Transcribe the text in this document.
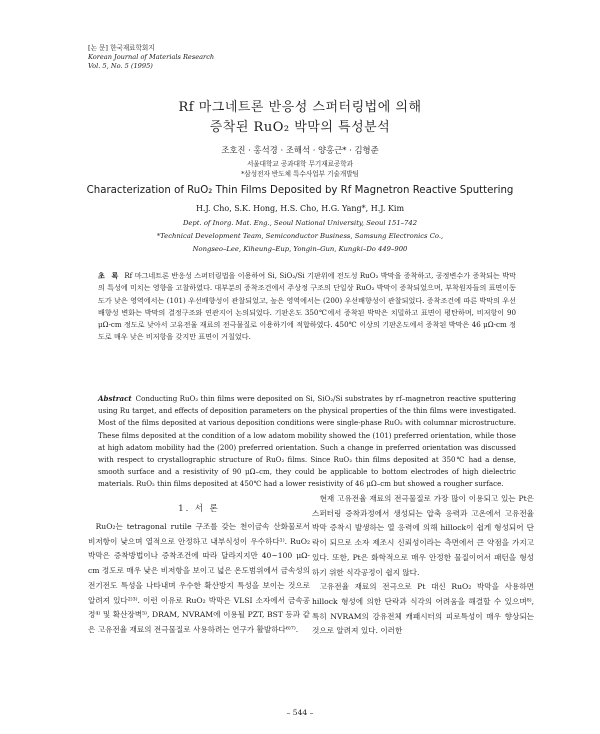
[논 문] 한국재료학회지
Korean Journal of Materials Research
Vol. 5, No. 5 (1995)
Rf 마그네트론 반응성 스퍼터링법에 의해
증착된 RuO₂ 박막의 특성분석
조호진 · 홍석경 · 조해석 · 양홍근* · 김형준
서울대학교 공과대학 무기재료공학과
*삼성전자 반도체 특수사업부 기술개발팀
Characterization of RuO₂ Thin Films Deposited by Rf Magnetron Reactive Sputtering
H.J. Cho, S.K. Hong, H.S. Cho, H.G. Yang*, H.J. Kim
Dept. of Inorg. Mat. Eng., Seoul National University, Seoul 151–742
*Technical Development Team, Semiconductor Business, Samsung Electronics Co.,
Nongseo–Lee, Kiheung–Eup, Yongin–Gun, Kungki–Do 449–900
초 록 Rf 마그네트론 반응성 스퍼터링법을 이용하여 Si, SiO₂/Si 기판위에 전도성 RuO₂ 박막을 증착하고, 공정변수가 증착되는 박막의 특성에 미치는 영향을 고찰하였다. 대부분의 증착조건에서 주상정 구조의 단일상 RuO₂ 박막이 증착되었으며, 부착원자들의 표면이동도가 낮은 영역에서는 (101) 우선배향성이 관찰되었고, 높은 영역에서는 (200) 우선배향성이 관찰되었다. 증착조건에 따른 박막의 우선배향성 변화는 박막의 결정구조와 연관지어 논의되었다. 기판온도 350℃에서 증착된 박막은 치밀하고 표면이 평탄하며, 비저항이 90 μΩ-cm 정도로 낮아서 고유전율 재료의 전극물질로 이용하기에 적합하였다. 450℃ 이상의 기판온도에서 증착된 박막은 46 μΩ-cm 정도로 매우 낮은 비저항을 갖지만 표면이 거칠었다.
Abstract Conducting RuO₂ thin films were deposited on Si, SiO₂/Si substrates by rf–magnetron reactive sputtering using Ru target, and effects of deposition parameters on the physical properties of the thin films were investigated. Most of the films deposited at various deposition conditions were single-phase RuO₂ with columnar microstructure. These films deposited at the condition of a low adatom mobility showed the (101) preferred orientation, while those at high adatom mobility had the (200) preferred orientation. Such a change in preferred orientation was discussed with respect to crystallographic structure of RuO₂ films. Since RuO₂ thin films deposited at 350℃ had a dense, smooth surface and a resistivity of 90 μΩ–cm, they could be applicable to bottom electrodes of high dielectric materials. RuO₂ thin films deposited at 450℃ had a lower resistivity of 46 μΩ–cm but showed a rougher surface.
1. 서 론

RuO₂는 tetragonal rutile 구조를 갖는 천이금속 산화물로서 비저항이 낮으며 열적으로 안정하고 내부식성이 우수하다¹⁾. RuO₂ 박막은 증착방법이나 증착조건에 따라 달라지지만 40~100 μΩ-cm 정도로 매우 낮은 비저항을 보이고 넓은 온도범위에서 금속성의 전기전도 특성을 나타내며 우수한 확산방지 특성을 보이는 것으로 알려져 있다²⁾³⁾. 이런 이유로 RuO₂ 박막은 VLSI 소자에서 금속공정⁴⁾ 및 확산장벽⁵⁾, DRAM, NVRAM에 이용될 PZT, BST 등과 같은 고유전율 재료의 전극물질로 사용하려는 연구가 활발하다⁶⁾⁷⁾.

현재 고유전율 재료의 전극물질로 가장 많이 이용되고 있는 Pt은 스퍼터링 증착과정에서 생성되는 압축 응력과 고온에서 고유전율 박막 증착시 발생하는 열 응력에 의해 hillock이 쉽게 형성되어 단락이 되므로 소자 제조시 신뢰성이라는 측면에서 큰 약점을 가지고 있다. 또한, Pt은 화학적으로 매우 안정한 물질이어서 패턴을 형성하기 위한 식각공정이 쉽지 않다.

고유전율 재료의 전극으로 Pt 대신 RuO₂ 박막을 사용하면 hillock 형성에 의한 단락과 식각의 어려움을 해결할 수 있으며⁸⁾, 특히 NVRAM의 강유전체 캐패시터의 피로특성이 매우 향상되는 것으로 알려져 있다. 이러한

– 544 –
